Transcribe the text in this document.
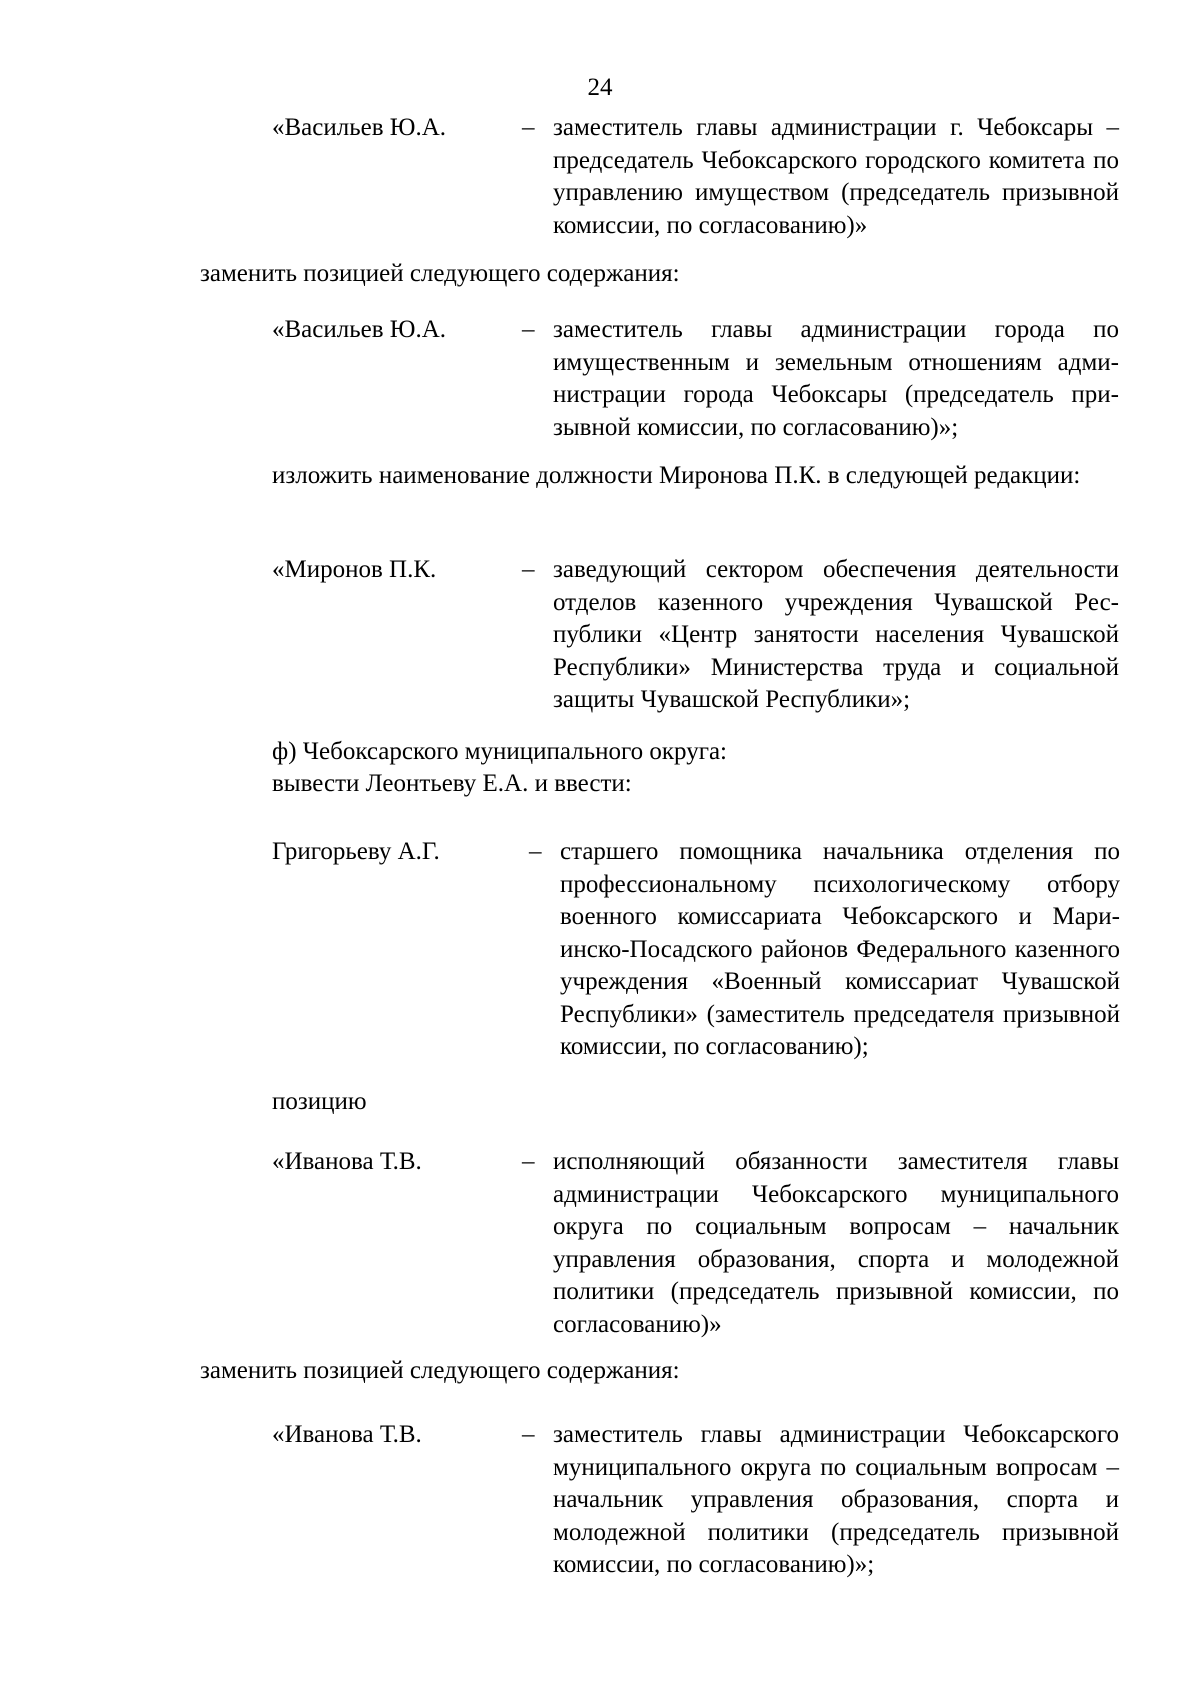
24
«Васильев Ю.А.	– заместитель главы администрации г. Чебоксары – председатель Чебоксарского городского комитета по управлению имуществом (председатель призывной комиссии, по согласованию)»
заменить позицией следующего содержания:
«Васильев Ю.А.	– заместитель главы администрации города по имущественным и земельным отношениям администрации города Чебоксары (председатель призывной комиссии, по согласованию)»;
изложить наименование должности Миронова П.К. в следующей редакции:
«Миронов П.К.	– заведующий сектором обеспечения деятельности отделов казенного учреждения Чувашской Республики «Центр занятости населения Чувашской Республики» Министерства труда и социальной защиты Чувашской Республики»;
ф) Чебоксарского муниципального округа:
вывести Леонтьеву Е.А. и ввести:
Григорьеву А.Г.	– старшего помощника начальника отделения по профессиональному психологическому отбору военного комиссариата Чебоксарского и Мариинско-Посадского районов Федерального казенного учреждения «Военный комиссариат Чувашской Республики» (заместитель председателя призывной комиссии, по согласованию);
позицию
«Иванова Т.В.	– исполняющий обязанности заместителя главы администрации Чебоксарского муниципального округа по социальным вопросам – начальник управления образования, спорта и молодежной политики (председатель призывной комиссии, по согласованию)»
заменить позицией следующего содержания:
«Иванова Т.В.	– заместитель главы администрации Чебоксарского муниципального округа по социальным вопросам – начальник управления образования, спорта и молодежной политики (председатель призывной комиссии, по согласованию)»;
